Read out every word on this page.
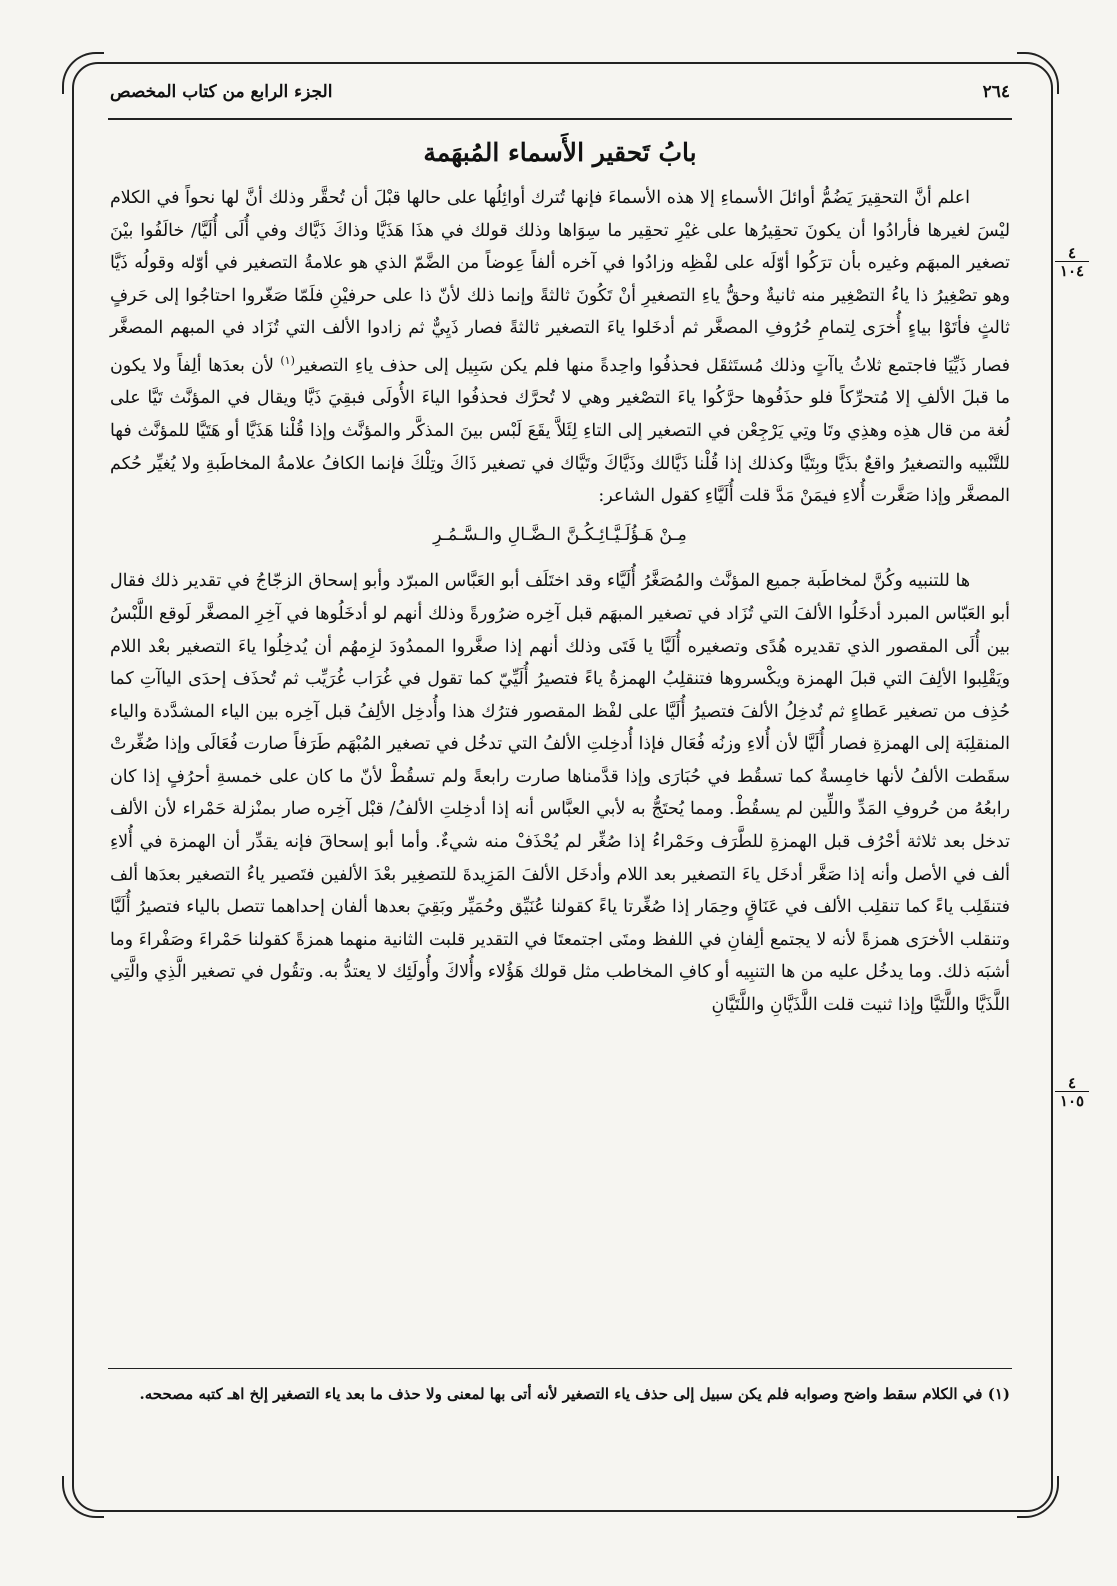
٢٦٤
الجزء الرابع من كتاب المخصص
بابُ تَحقير الأَسماء المُبهَمة
٤
١٠٤
٤
١٠٥

اعلم أنَّ التحقِيرَ يَضُمُّ أوائلَ الأسماءِ إلا هذه الأسماءَ فإنها تُترك أوائِلُها على حالها قبْلَ أن تُحقَّر وذلك أنَّ لها نحواً في الكلام ليْسَ لغيرها فأرادُوا أن يكونَ تحقِيرُها على غيْرِ تحقِير ما سِوَاها وذلك قولك في هذَا هَذَيَّا وذاكَ ذَيَّاك وفي أُلَى أُلَيَّا/ خالَفُوا بيْنَ تصغير المبهَم وغيره بأن ترَكُوا أوّلَه على لفْظِه وزادُوا في آخره ألفاً عِوضاً من الضَّمّ الذي هو علامةُ التصغير في أوّله وقولُه ذَيَّا وهو تصْغِيرُ ذا ياءُ التصْغِير منه ثانيةٌ وحقُّ ياءِ التصغيرِ أنْ تَكُونَ ثالثةً وإنما ذلك لأنّ ذا على حرفيْنِ فلَمّا صَغّروا احتاجُوا إلى حَرفٍ ثالثٍ فأتَوْا بياءٍ أُخرَى لِتمامِ حُرُوفِ المصغَّر ثم أدخَلوا ياءَ التصغير ثالثةً فصار ذَيِيٌّ ثم زادوا الألف التي تُزَاد في المبهم المصغَّر فصار ذَيِّيَا فاجتمع ثلاثُ ياآتٍ وذلك مُستَثقَل فحذفُوا واحِدةً منها فلم يكن سَبِيل إلى حذف ياءِ التصغير$^{(١)}$ لأن بعدَها ألِفاً ولا يكون ما قبلَ الألفِ إلا مُتحرِّكاً فلو حذَفُوها حرَّكُوا ياءَ التصْغير وهي لا تُحرَّك فحذفُوا الياءَ الأُولَى فبقِيَ ذَيَّا ويقال في المؤنَّث تَيَّا على لُغة من قال هذِه وهذِي وتَا وتِي يَرْجِعْن في التصغير إلى التاءِ لِئَلاَّ يقَعَ لَبْس بينَ المذكَّر والمؤنَّث وإذا قُلْنا هَذَيَّا أو هَتَيَّا للمؤنَّث فها للتَّنْبيه والتصغيرُ واقعٌ بذَيَّا وبِتَيَّا وكذلك إذا قُلْنا ذَيَّالك وذَيَّاكَ وتَيَّاك في تصغير ذَاكَ وتِلْكَ فإنما الكافُ علامةُ المخاطَبةِ ولا يُغيِّر حُكم المصغَّر وإذا صَغَّرت أُلاءِ فيمَنْ مَدَّ قلت أُلَيَّاءِ كقول الشاعر:

مِـنْ هَـؤُلَـيَّـائِـكُـنَّ الـضَّـالِ والـسَّـمُـرِ

ها للتنبيه وكُنَّ لمخاطَبة جميع المؤنَّث والمُصَغَّرُ أُلَيَّاء وقد اختَلَف أبو العَبَّاس المبرّد وأبو إسحاق الزجّاجُ في تقدير ذلك فقال أبو العَبّاس المبرد أدخَلُوا الألفَ التي تُزَاد في تصغير المبهَم قبل آخِره ضرُورةً وذلك أنهم لو أدخَلُوها في آخِرِ المصغَّر لَوقع اللَّبْسُ بين أُلَى المقصور الذي تقديره هُدًى وتصغيره أُلَيَّا يا فَتَى وذلك أنهم إذا صغَّروا الممدُودَ لزِمهُم أن يُدخِلُوا ياءَ التصغير بعْد اللام ويَقْلِبوا الألِفَ التي قبلَ الهمزة ويكْسروها فتنقلِبُ الهمزةُ ياءً فتصيرُ أُلَيِّيّ كما تقول في غُرَاب غُرَيِّب ثم تُحذَف إحدَى الياآتِ كما حُذِف من تصغير عَطاءٍ ثم تُدخِلُ الألفَ فتصيرُ أُلَيَّا على لفْظ المقصور فترُك هذا وأُدخِل الألِفُ قبل آخِره بين الياء المشدَّدة والياء المنقلِبَة إلى الهمزةِ فصار أُلَيَّا لأن أُلاءِ وزنُه فُعَال فإذا أُدخِلتِ الألفُ التي تدخُل في تصغير المُبْهَم طَرَفاً صارت فُعَالَى وإذا صُغِّرتْ سقَطت الألفُ لأنها خامِسةٌ كما تسقُط في حُبَارَى وإذا قدَّمناها صارت رابعةً ولم تسقُطْ لأنّ ما كان على خمسةِ أحرُفٍ إذا كان رابعُهُ من حُروفِ المَدِّ واللِّين لم يسقُطْ. ومما يُحتَجُّ به لأبي العبَّاس أنه إذا أدخِلتِ الألفُ/ قبْل آخِره صار بمنْزلة حَمْراء لأن الألف تدخل بعد ثلاثة أحْرُف قبل الهمزةِ للطَّرَف وحَمْراءُ إذا صُغِّر لم يُحْذَفْ منه شيءٌ. وأما أبو إسحاقَ فإنه يقدِّر أن الهمزة في أُلاءِ ألف في الأصل وأنه إذا صَغَّر أدخَل ياءَ التصغير بعد اللام وأدخَل الألفَ المَزِيدةَ للتصغِير بعْدَ الألفين فتَصير ياءُ التصغير بعدَها ألف فتنقَلِب ياءً كما تنقلِب الألف في عَنَاقٍ وحِمَار إذا صُغِّرتا ياءً كقولنا عُنَيِّق وحُمَيِّر وبَقِيَ بعدها ألفان إحداهما تتصل بالياء فتصيرُ أُلَيَّا وتنقلب الأخرَى همزةً لأنه لا يجتمع ألِفانِ في اللفظ ومتَى اجتمعتَا في التقدير قلبت الثانية منهما همزةً كقولنا حَمْراءَ وصَفْراءَ وما أشبَه ذلك. وما يدخُل عليه من ها التنبِيه أو كافِ المخاطب مثل قولك هَؤُلاء وأُلاكَ وأُولَئِك لا يعتدُّ به. وتقُول في تصغير الَّذِي والَّتِي اللَّذَيَّا واللَّتَيَّا وإذا ثنيت قلت اللَّذَيَّانِ واللَّتَيَّانِ

(١) في الكلام سقط واضح وصوابه فلم يكن سبيل إلى حذف ياء التصغير لأنه أتى بها لمعنى ولا حذف ما بعد ياء التصغير إلخ اهـ كتبه مصححه.
